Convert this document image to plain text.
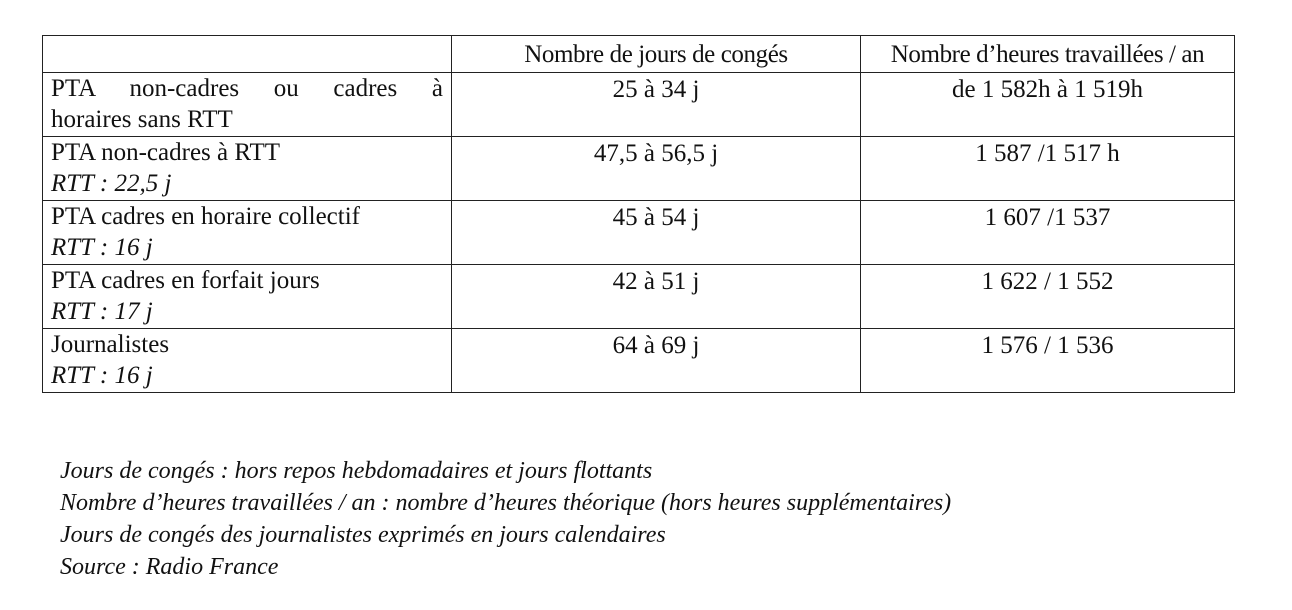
	Nombre de jours de congés	Nombre d’heures travaillées / an

PTA non-cadres ou cadres à
horaires sans RTT	25 à 34 j	de 1 582h à 1 519h

PTA non-cadres à RTT
RTT : 22,5 j	47,5 à 56,5 j	1 587 /1 517 h

PTA cadres en horaire collectif
RTT : 16 j	45 à 54 j	1 607 /1 537

PTA cadres en forfait jours
RTT : 17 j	42 à 51 j	1 622 / 1 552

Journalistes
RTT : 16 j	64 à 69 j	1 576 / 1 536
Jours de congés : hors repos hebdomadaires et jours flottants
Nombre d’heures travaillées / an : nombre d’heures théorique (hors heures supplémentaires)
Jours de congés des journalistes exprimés en jours calendaires
Source : Radio France
